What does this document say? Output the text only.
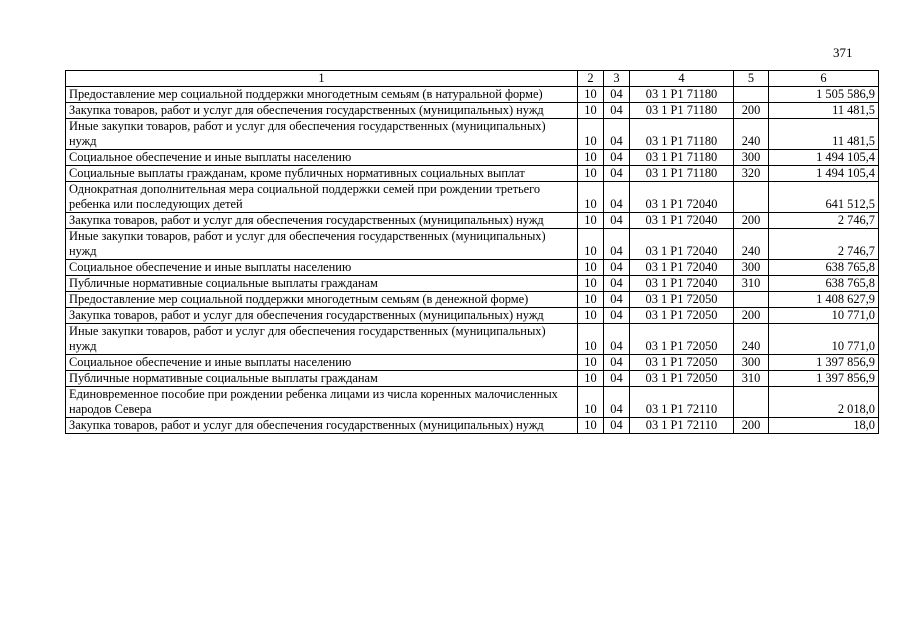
371
1	2	3	4	5	6
Предоставление мер социальной поддержки многодетным семьям (в натуральной форме)	10	04	03 1 Р1 71180		1 505 586,9
Закупка товаров, работ и услуг для обеспечения государственных (муниципальных) нужд	10	04	03 1 Р1 71180	200	11 481,5
Иные закупки товаров, работ и услуг для обеспечения государственных (муниципальных) нужд	10	04	03 1 Р1 71180	240	11 481,5
Социальное обеспечение и иные выплаты населению	10	04	03 1 Р1 71180	300	1 494 105,4
Социальные выплаты гражданам, кроме публичных нормативных социальных выплат	10	04	03 1 Р1 71180	320	1 494 105,4
Однократная дополнительная мера социальной поддержки семей при рождении третьего ребенка или последующих детей	10	04	03 1 Р1 72040		641 512,5
Закупка товаров, работ и услуг для обеспечения государственных (муниципальных) нужд	10	04	03 1 Р1 72040	200	2 746,7
Иные закупки товаров, работ и услуг для обеспечения государственных (муниципальных) нужд	10	04	03 1 Р1 72040	240	2 746,7
Социальное обеспечение и иные выплаты населению	10	04	03 1 Р1 72040	300	638 765,8
Публичные нормативные социальные выплаты гражданам	10	04	03 1 Р1 72040	310	638 765,8
Предоставление мер социальной поддержки многодетным семьям (в денежной форме)	10	04	03 1 Р1 72050		1 408 627,9
Закупка товаров, работ и услуг для обеспечения государственных (муниципальных) нужд	10	04	03 1 Р1 72050	200	10 771,0
Иные закупки товаров, работ и услуг для обеспечения государственных (муниципальных) нужд	10	04	03 1 Р1 72050	240	10 771,0
Социальное обеспечение и иные выплаты населению	10	04	03 1 Р1 72050	300	1 397 856,9
Публичные нормативные социальные выплаты гражданам	10	04	03 1 Р1 72050	310	1 397 856,9
Единовременное пособие при рождении ребенка лицами из числа коренных малочисленных народов Севера	10	04	03 1 Р1 72110		2 018,0
Закупка товаров, работ и услуг для обеспечения государственных (муниципальных) нужд	10	04	03 1 Р1 72110	200	18,0
